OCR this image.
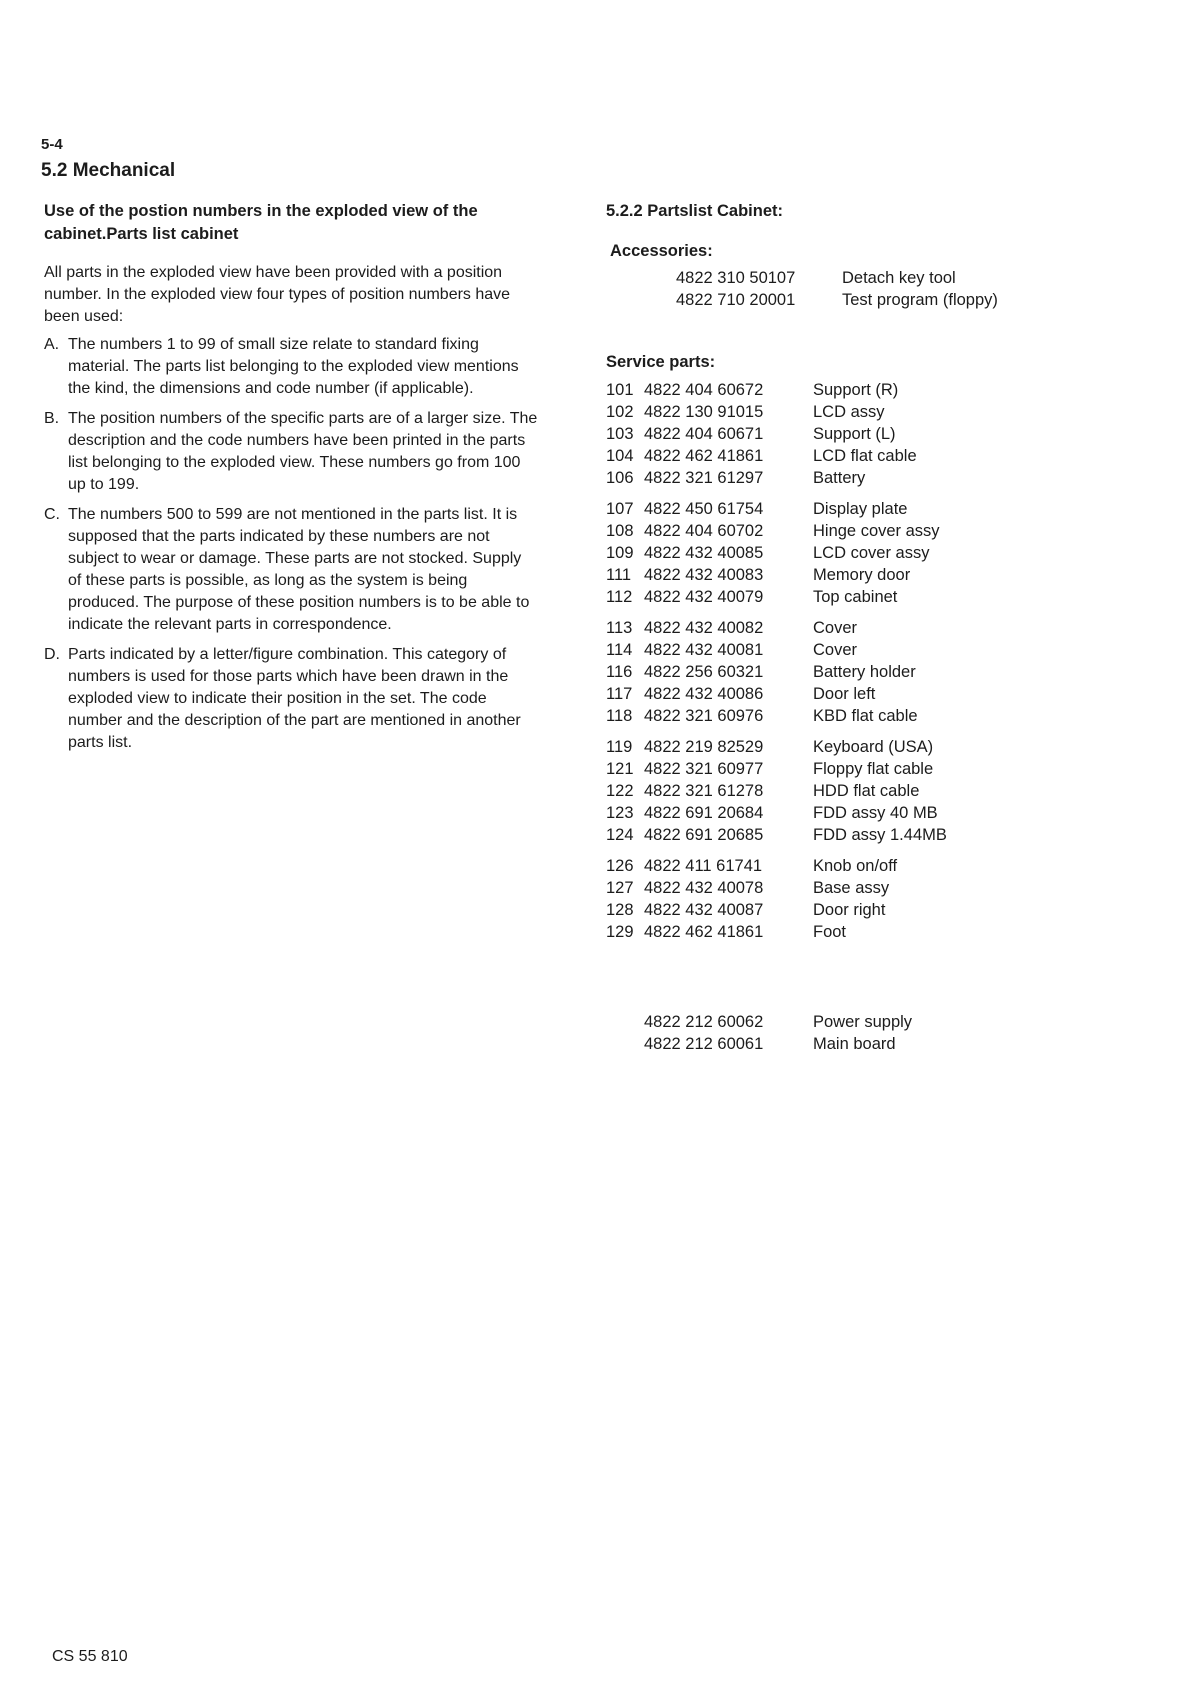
5-4
5.2 Mechanical
Use of the postion numbers in the exploded view of the cabinet.Parts list cabinet

All parts in the exploded view have been provided with a position number. In the exploded view four types of position numbers have been used:

A. The numbers 1 to 99 of small size relate to standard fixing material. The parts list belonging to the exploded view mentions the kind, the dimensions and code number (if applicable).
B. The position numbers of the specific parts are of a larger size. The description and the code numbers have been printed in the parts list belonging to the exploded view. These numbers go from 100 up to 199.
C. The numbers 500 to 599 are not mentioned in the parts list. It is supposed that the parts indicated by these numbers are not subject to wear or damage. These parts are not stocked. Supply of these parts is possible, as long as the system is being produced. The purpose of these position numbers is to be able to indicate the relevant parts in correspondence.
D. Parts indicated by a letter/figure combination. This category of numbers is used for those parts which have been drawn in the exploded view to indicate their position in the set. The code number and the description of the part are mentioned in another parts list.
5.2.2 Partslist Cabinet:
Accessories:
4822 310 50107	Detach key tool
4822 710 20001	Test program (floppy)
Service parts:
101 4822 404 60672	Support (R)
102 4822 130 91015	LCD assy
103 4822 404 60671	Support (L)
104 4822 462 41861	LCD flat cable
106 4822 321 61297	Battery
107 4822 450 61754	Display plate
108 4822 404 60702	Hinge cover assy
109 4822 432 40085	LCD cover assy
111 4822 432 40083	Memory door
112 4822 432 40079	Top cabinet
113 4822 432 40082	Cover
114 4822 432 40081	Cover
116 4822 256 60321	Battery holder
117 4822 432 40086	Door left
118 4822 321 60976	KBD flat cable
119 4822 219 82529	Keyboard (USA)
121 4822 321 60977	Floppy flat cable
122 4822 321 61278	HDD flat cable
123 4822 691 20684	FDD assy 40 MB
124 4822 691 20685	FDD assy 1.44MB
126 4822 411 61741	Knob on/off
127 4822 432 40078	Base assy
128 4822 432 40087	Door right
129 4822 462 41861	Foot
4822 212 60062	Power supply
4822 212 60061	Main board
CS 55 810
